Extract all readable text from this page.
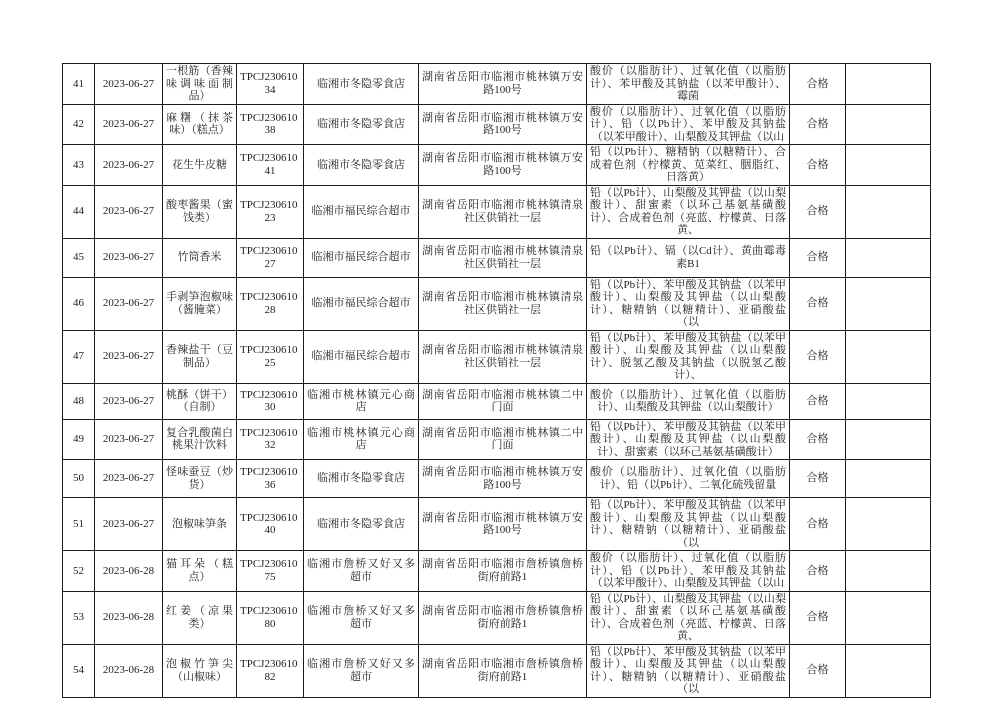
41	2023-06-27	一根筋（香辣味调味面制品）	TPCJ23061034	临湘市冬隐零食店	湖南省岳阳市临湘市桃林镇万安路100号	酸价（以脂肪计）、过氧化值（以脂肪计）、苯甲酸及其钠盐（以苯甲酸计）、霉菌	合格	
42	2023-06-27	麻糬（抹茶味）（糕点）	TPCJ23061038	临湘市冬隐零食店	湖南省岳阳市临湘市桃林镇万安路100号	酸价（以脂肪计）、过氧化值（以脂肪计）、铅（以Pb计）、苯甲酸及其钠盐（以苯甲酸计）、山梨酸及其钾盐（以山	合格	
43	2023-06-27	花生牛皮糖	TPCJ23061041	临湘市冬隐零食店	湖南省岳阳市临湘市桃林镇万安路100号	铅（以Pb计）、糖精钠（以糖精计）、合成着色剂（柠檬黄、苋菜红、胭脂红、日落黄）	合格	
44	2023-06-27	酸枣酱果（蜜饯类）	TPCJ23061023	临湘市福民综合超市	湖南省岳阳市临湘市桃林镇清泉社区供销社一层	铅（以Pb计）、山梨酸及其钾盐（以山梨酸计）、甜蜜素（以环己基氨基磺酸计）、合成着色剂（亮蓝、柠檬黄、日落黄、	合格	
45	2023-06-27	竹筒香米	TPCJ23061027	临湘市福民综合超市	湖南省岳阳市临湘市桃林镇清泉社区供销社一层	铅（以Pb计）、镉（以Cd计）、黄曲霉毒素B1	合格	
46	2023-06-27	手剥笋泡椒味（酱腌菜）	TPCJ23061028	临湘市福民综合超市	湖南省岳阳市临湘市桃林镇清泉社区供销社一层	铅（以Pb计）、苯甲酸及其钠盐（以苯甲酸计）、山梨酸及其钾盐（以山梨酸计）、糖精钠（以糖精计）、亚硝酸盐（以	合格	
47	2023-06-27	香辣盐干（豆制品）	TPCJ23061025	临湘市福民综合超市	湖南省岳阳市临湘市桃林镇清泉社区供销社一层	铅（以Pb计）、苯甲酸及其钠盐（以苯甲酸计）、山梨酸及其钾盐（以山梨酸计）、脱氢乙酸及其钠盐（以脱氢乙酸计）、	合格	
48	2023-06-27	桃酥（饼干）（自制）	TPCJ23061030	临湘市桃林镇元心商店	湖南省岳阳市临湘市桃林镇二中门面	酸价（以脂肪计）、过氧化值（以脂肪计）、山梨酸及其钾盐（以山梨酸计）	合格	
49	2023-06-27	复合乳酸菌白桃果汁饮料	TPCJ23061032	临湘市桃林镇元心商店	湖南省岳阳市临湘市桃林镇二中门面	铅（以Pb计）、苯甲酸及其钠盐（以苯甲酸计）、山梨酸及其钾盐（以山梨酸计）、甜蜜素（以环己基氨基磺酸计）	合格	
50	2023-06-27	怪味蚕豆（炒货）	TPCJ23061036	临湘市冬隐零食店	湖南省岳阳市临湘市桃林镇万安路100号	酸价（以脂肪计）、过氧化值（以脂肪计）、铅（以Pb计）、二氧化硫残留量	合格	
51	2023-06-27	泡椒味笋条	TPCJ23061040	临湘市冬隐零食店	湖南省岳阳市临湘市桃林镇万安路100号	铅（以Pb计）、苯甲酸及其钠盐（以苯甲酸计）、山梨酸及其钾盐（以山梨酸计）、糖精钠（以糖精计）、亚硝酸盐（以	合格	
52	2023-06-28	猫耳朵（糕点）	TPCJ23061075	临湘市詹桥又好又多超市	湖南省岳阳市临湘市詹桥镇詹桥街府前路1	酸价（以脂肪计）、过氧化值（以脂肪计）、铅（以Pb计）、苯甲酸及其钠盐（以苯甲酸计）、山梨酸及其钾盐（以山	合格	
53	2023-06-28	红姜（凉果类）	TPCJ23061080	临湘市詹桥又好又多超市	湖南省岳阳市临湘市詹桥镇詹桥街府前路1	铅（以Pb计）、山梨酸及其钾盐（以山梨酸计）、甜蜜素（以环己基氨基磺酸计）、合成着色剂（亮蓝、柠檬黄、日落黄、	合格	
54	2023-06-28	泡椒竹笋尖（山椒味）	TPCJ23061082	临湘市詹桥又好又多超市	湖南省岳阳市临湘市詹桥镇詹桥街府前路1	铅（以Pb计）、苯甲酸及其钠盐（以苯甲酸计）、山梨酸及其钾盐（以山梨酸计）、糖精钠（以糖精计）、亚硝酸盐（以	合格	
